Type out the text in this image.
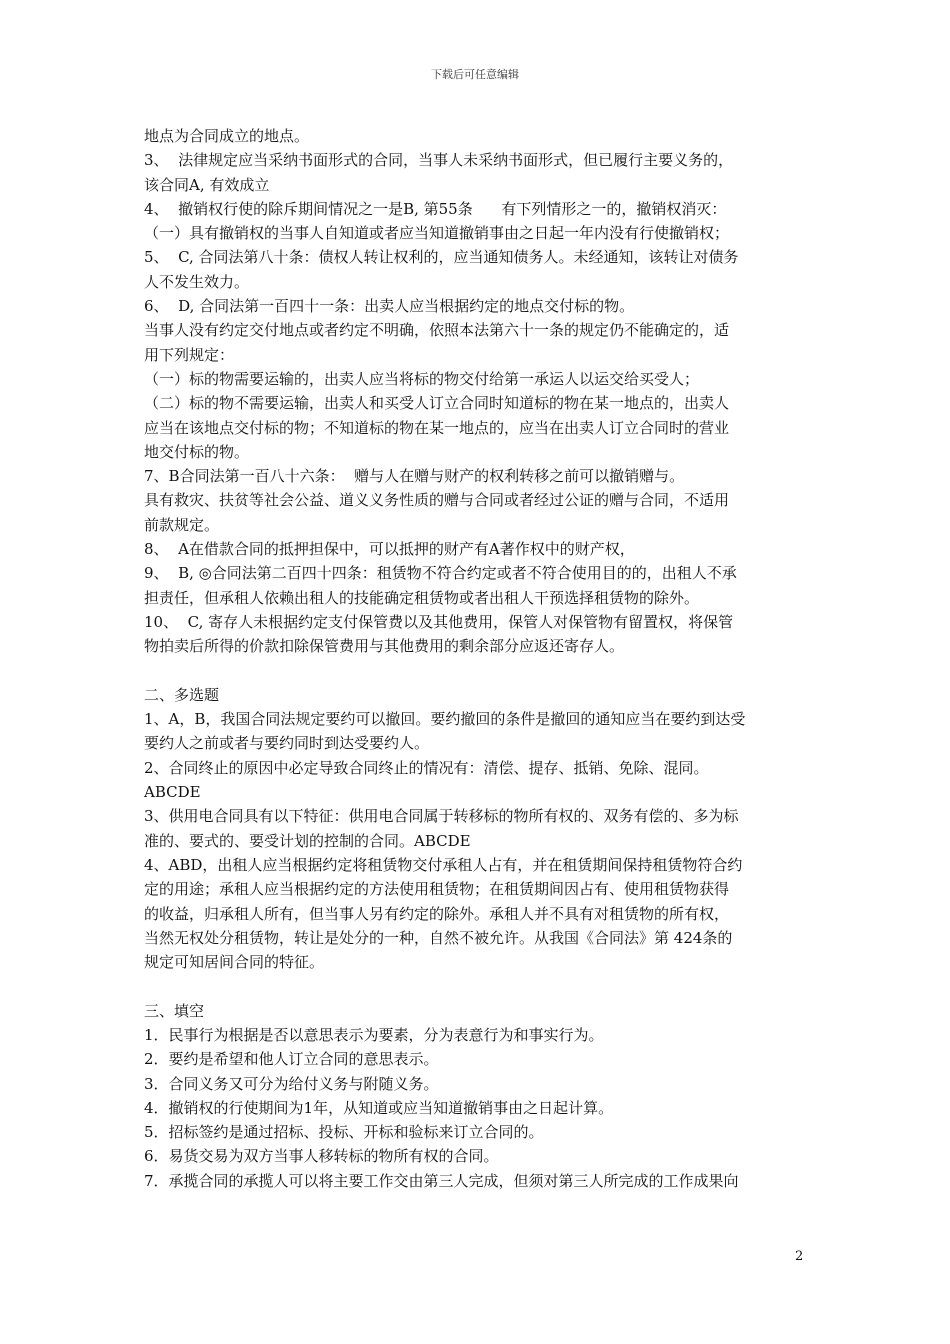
下载后可任意编辑

地点为合同成立的地点。

3、  法律规定应当采纳书面形式的合同，当事人未采纳书面形式，但已履行主要义务的，

该合同A, 有效成立

4、  撤销权行使的除斥期间情况之一是B, 第55条      有下列情形之一的，撤销权消灭：

（一）具有撤销权的当事人自知道或者应当知道撤销事由之日起一年内没有行使撤销权；

5、  C, 合同法第八十条：债权人转让权利的，应当通知债务人。未经通知，该转让对债务

人不发生效力。

6、  D, 合同法第一百四十一条：出卖人应当根据约定的地点交付标的物。

当事人没有约定交付地点或者约定不明确，依照本法第六十一条的规定仍不能确定的，适

用下列规定：

（一）标的物需要运输的，出卖人应当将标的物交付给第一承运人以运交给买受人；

（二）标的物不需要运输，出卖人和买受人订立合同时知道标的物在某一地点的，出卖人

应当在该地点交付标的物；不知道标的物在某一地点的，应当在出卖人订立合同时的营业

地交付标的物。

7、B合同法第一百八十六条：  赠与人在赠与财产的权利转移之前可以撤销赠与。

具有救灾、扶贫等社会公益、道义义务性质的赠与合同或者经过公证的赠与合同，不适用

前款规定。

8、  A在借款合同的抵押担保中，可以抵押的财产有A著作权中的财产权，

9、  B, ◎合同法第二百四十四条：租赁物不符合约定或者不符合使用目的的，出租人不承

担责任，但承租人依赖出租人的技能确定租赁物或者出租人干预选择租赁物的除外。

10、  C, 寄存人未根据约定支付保管费以及其他费用，保管人对保管物有留置权，将保管

物拍卖后所得的价款扣除保管费用与其他费用的剩余部分应返还寄存人。

二、多选题

1、A，B，我国合同法规定要约可以撤回。要约撤回的条件是撤回的通知应当在要约到达受

要约人之前或者与要约同时到达受要约人。

2、合同终止的原因中必定导致合同终止的情况有：清偿、提存、抵销、免除、混同。

ABCDE

3、供用电合同具有以下特征：供用电合同属于转移标的物所有权的、双务有偿的、多为标

准的、要式的、要受计划的控制的合同。ABCDE

4、ABD，出租人应当根据约定将租赁物交付承租人占有，并在租赁期间保持租赁物符合约

定的用途；承租人应当根据约定的方法使用租赁物；在租赁期间因占有、使用租赁物获得

的收益，归承租人所有，但当事人另有约定的除外。承租人并不具有对租赁物的所有权，

当然无权处分租赁物，转让是处分的一种，自然不被允许。从我国《合同法》第 424条的

规定可知居间合同的特征。

三、填空

1．民事行为根据是否以意思表示为要素，分为表意行为和事实行为。

2．要约是希望和他人订立合同的意思表示。

3．合同义务又可分为给付义务与附随义务。

4．撤销权的行使期间为1年，从知道或应当知道撤销事由之日起计算。

5．招标签约是通过招标、投标、开标和验标来订立合同的。

6．易货交易为双方当事人移转标的物所有权的合同。

7．承揽合同的承揽人可以将主要工作交由第三人完成，但须对第三人所完成的工作成果向

2
